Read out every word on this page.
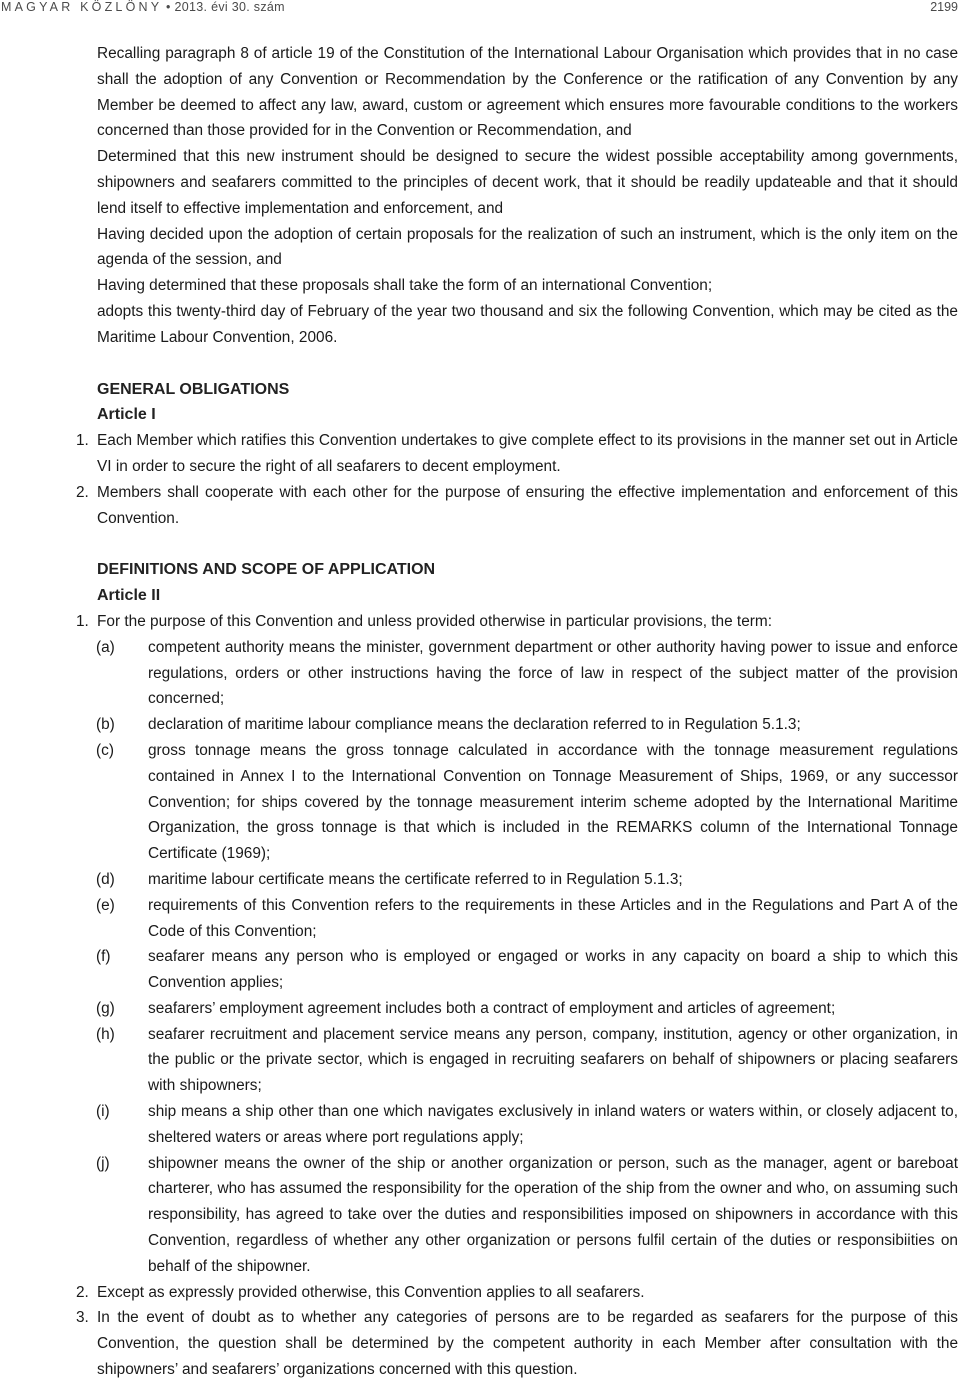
MAGYAR KÖZLÖNY • 2013. évi 30. szám	2199

Recalling paragraph 8 of article 19 of the Constitution of the International Labour Organisation which provides that in no case shall the adoption of any Convention or Recommendation by the Conference or the ratification of any Convention by any Member be deemed to affect any law, award, custom or agreement which ensures more favourable conditions to the workers concerned than those provided for in the Convention or Recommendation, and

Determined that this new instrument should be designed to secure the widest possible acceptability among governments, shipowners and seafarers committed to the principles of decent work, that it should be readily updateable and that it should lend itself to effective implementation and enforcement, and

Having decided upon the adoption of certain proposals for the realization of such an instrument, which is the only item on the agenda of the session, and

Having determined that these proposals shall take the form of an international Convention;

adopts this twenty-third day of February of the year two thousand and six the following Convention, which may be cited as the Maritime Labour Convention, 2006.

GENERAL OBLIGATIONS
Article I
1. Each Member which ratifies this Convention undertakes to give complete effect to its provisions in the manner set out in Article VI in order to secure the right of all seafarers to decent employment.
2. Members shall cooperate with each other for the purpose of ensuring the effective implementation and enforcement of this Convention.
DEFINITIONS AND SCOPE OF APPLICATION
Article II
1. For the purpose of this Convention and unless provided otherwise in particular provisions, the term:
(a) competent authority means the minister, government department or other authority having power to issue and enforce regulations, orders or other instructions having the force of law in respect of the subject matter of the provision concerned;
(b) declaration of maritime labour compliance means the declaration referred to in Regulation 5.1.3;
(c) gross tonnage means the gross tonnage calculated in accordance with the tonnage measurement regulations contained in Annex I to the International Convention on Tonnage Measurement of Ships, 1969, or any successor Convention; for ships covered by the tonnage measurement interim scheme adopted by the International Maritime Organization, the gross tonnage is that which is included in the REMARKS column of the International Tonnage Certificate (1969);
(d) maritime labour certificate means the certificate referred to in Regulation 5.1.3;
(e) requirements of this Convention refers to the requirements in these Articles and in the Regulations and Part A of the Code of this Convention;
(f) seafarer means any person who is employed or engaged or works in any capacity on board a ship to which this Convention applies;
(g) seafarers’ employment agreement includes both a contract of employment and articles of agreement;
(h) seafarer recruitment and placement service means any person, company, institution, agency or other organization, in the public or the private sector, which is engaged in recruiting seafarers on behalf of shipowners or placing seafarers with shipowners;
(i) ship means a ship other than one which navigates exclusively in inland waters or waters within, or closely adjacent to, sheltered waters or areas where port regulations apply;
(j) shipowner means the owner of the ship or another organization or person, such as the manager, agent or bareboat charterer, who has assumed the responsibility for the operation of the ship from the owner and who, on assuming such responsibility, has agreed to take over the duties and responsibilities imposed on shipowners in accordance with this Convention, regardless of whether any other organization or persons fulfil certain of the duties or responsibiities on behalf of the shipowner.
2. Except as expressly provided otherwise, this Convention applies to all seafarers.
3. In the event of doubt as to whether any categories of persons are to be regarded as seafarers for the purpose of this Convention, the question shall be determined by the competent authority in each Member after consultation with the shipowners’ and seafarers’ organizations concerned with this question.
